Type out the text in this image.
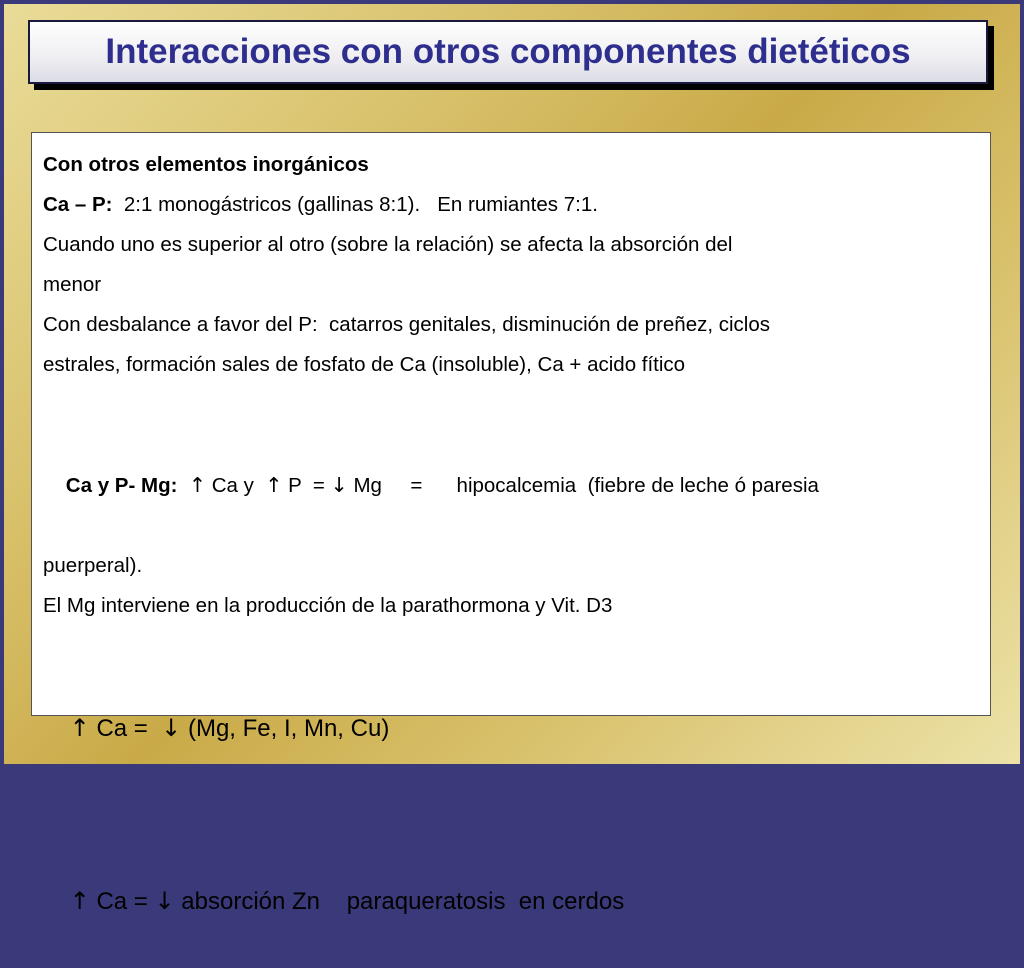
Interacciones con otros componentes dietéticos
Con otros elementos inorgánicos
Ca – P: 2:1 monogástricos (gallinas 8:1).   En rumiantes 7:1.
Cuando uno es superior al otro (sobre la relación) se afecta la absorción del
menor
Con desbalance a favor del P:  catarros genitales, disminución de preñez, ciclos
estrales, formación sales de fosfato de Ca (insoluble), Ca + acido fítico

Ca y P- Mg: ↑ Ca y ↑ P  = ↓ Mg     =      hipocalcemia  (fiebre de leche ó paresia

puerperal).
El Mg interviene en la producción de la parathormona y Vit. D3

↑ Ca = ↓ (Mg, Fe, I, Mn, Cu)

↑ Ca = ↓ absorción Zn    paraqueratosis  en cerdos
